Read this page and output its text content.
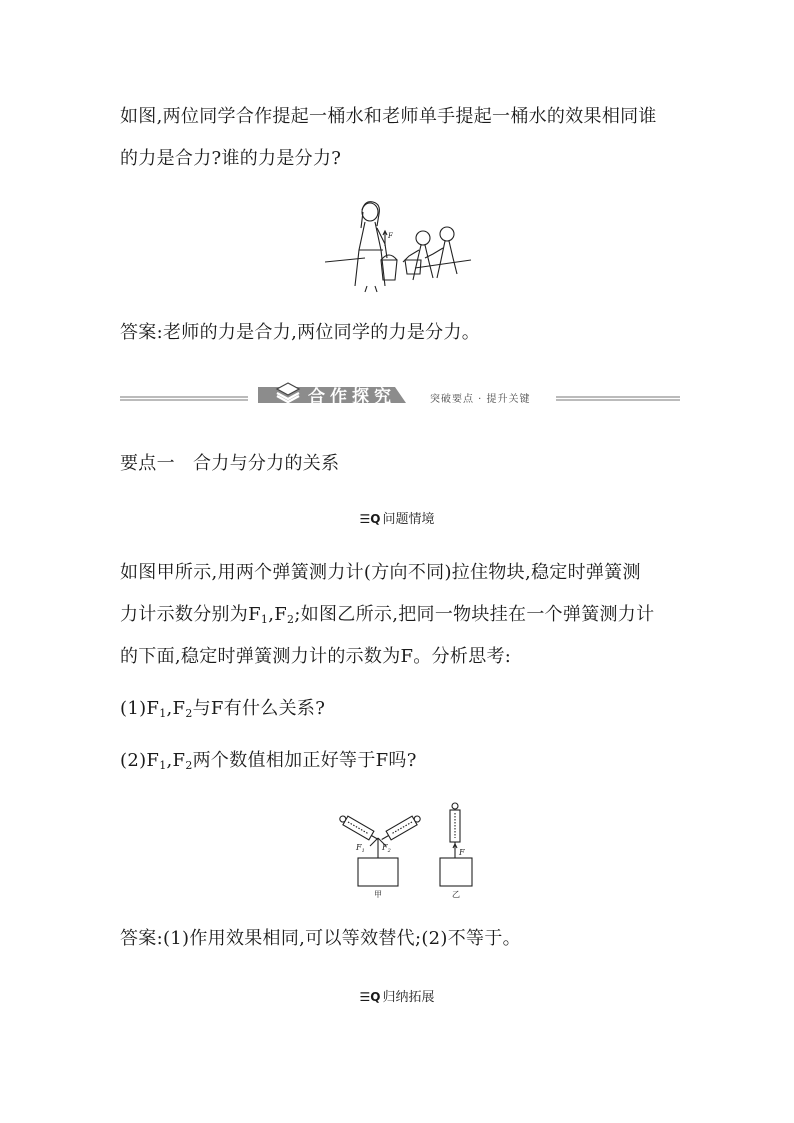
如图,两位同学合作提起一桶水和老师单手提起一桶水的效果相同谁
的力是合力?谁的力是分力?
F
答案:老师的力是合力,两位同学的力是分力。
合作探究	突破要点 · 提升关键
要点一   合力与分力的关系
☰Q 问题情境
如图甲所示,用两个弹簧测力计(方向不同)拉住物块,稳定时弹簧测
力计示数分别为$F_1,F_2$;如图乙所示,把同一物块挂在一个弹簧测力计
的下面,稳定时弹簧测力计的示数为F。分析思考:
$(1)F_1,F_2$与F有什么关系?
$(2)F_1,F_2$两个数值相加正好等于F吗?
$F_1$ $F_2$	F
甲	乙
答案:(1)作用效果相同,可以等效替代;(2)不等于。
☰Q 归纳拓展
